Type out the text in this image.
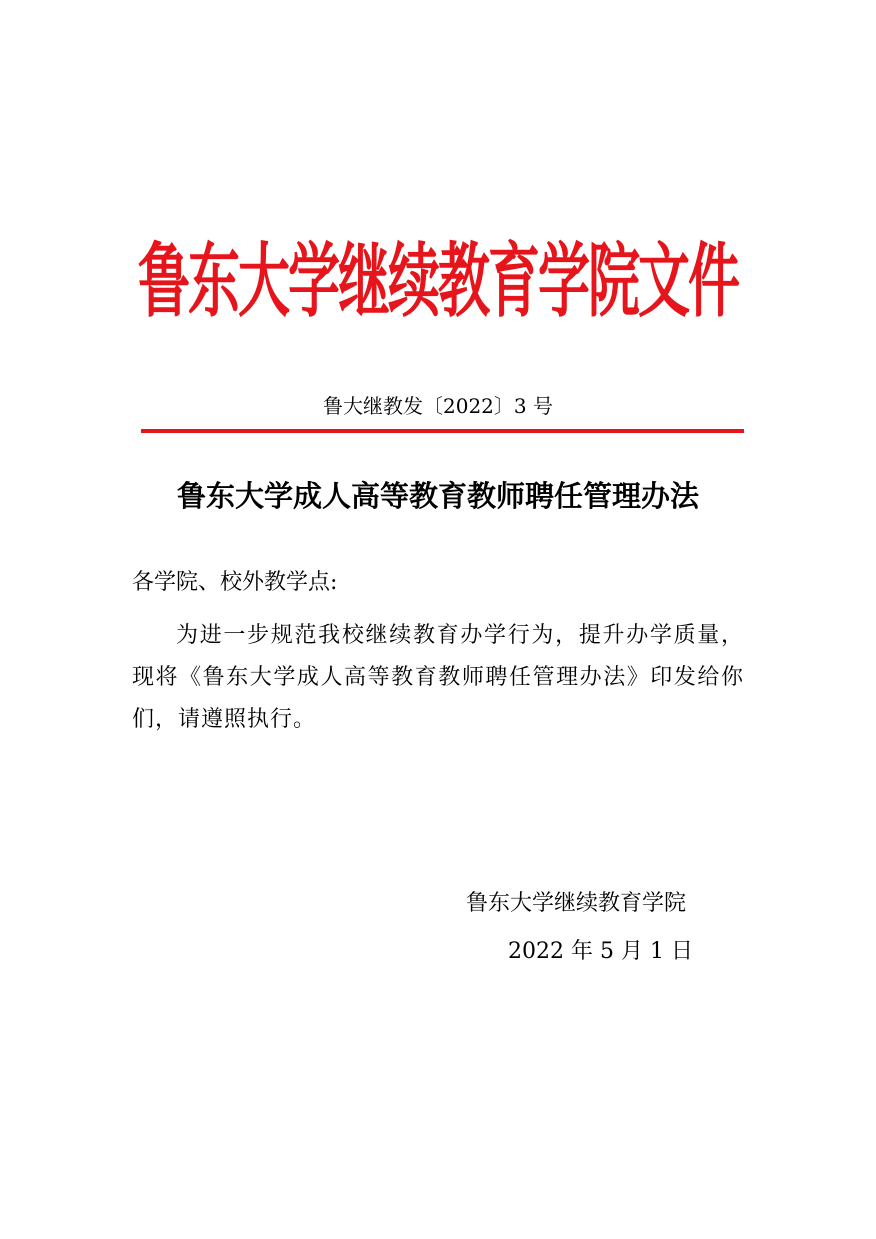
鲁东大学继续教育学院文件
鲁大继教发〔2022〕3 号
鲁东大学成人高等教育教师聘任管理办法
各学院、校外教学点:
为进一步规范我校继续教育办学行为，提升办学质量，现将《鲁东大学成人高等教育教师聘任管理办法》印发给你们，请遵照执行。
鲁东大学继续教育学院
2022 年 5 月 1 日
